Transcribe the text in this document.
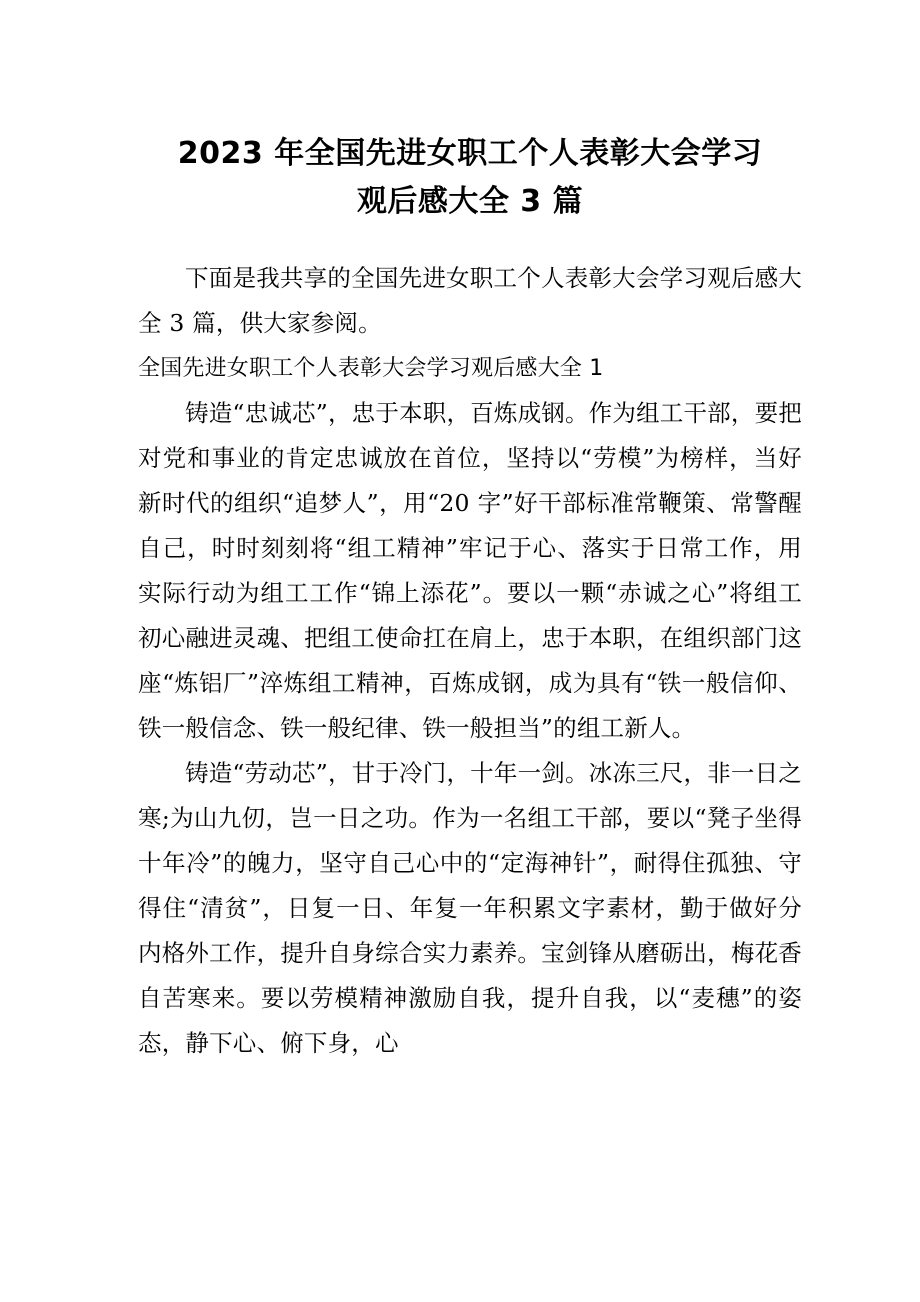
2023 年全国先进女职工个人表彰大会学习
观后感大全 3 篇

下面是我共享的全国先进女职工个人表彰大会学习观后感大全 3 篇，供大家参阅。

全国先进女职工个人表彰大会学习观后感大全 1

铸造“忠诚芯”，忠于本职，百炼成钢。作为组工干部，要把对党和事业的肯定忠诚放在首位，坚持以“劳模”为榜样，当好新时代的组织“追梦人”，用“20 字”好干部标准常鞭策、常警醒自己，时时刻刻将“组工精神”牢记于心、落实于日常工作，用实际行动为组工工作“锦上添花”。要以一颗“赤诚之心”将组工初心融进灵魂、把组工使命扛在肩上，忠于本职，在组织部门这座“炼铝厂”淬炼组工精神，百炼成钢，成为具有“铁一般信仰、铁一般信念、铁一般纪律、铁一般担当”的组工新人。

铸造“劳动芯”，甘于冷门，十年一剑。冰冻三尺，非一日之寒;为山九仞，岂一日之功。作为一名组工干部，要以“凳子坐得十年冷”的魄力，坚守自己心中的“定海神针”，耐得住孤独、守得住“清贫”，日复一日、年复一年积累文字素材，勤于做好分内格外工作，提升自身综合实力素养。宝剑锋从磨砺出，梅花香自苦寒来。要以劳模精神激励自我，提升自我，以“麦穗”的姿态，静下心、俯下身，心
